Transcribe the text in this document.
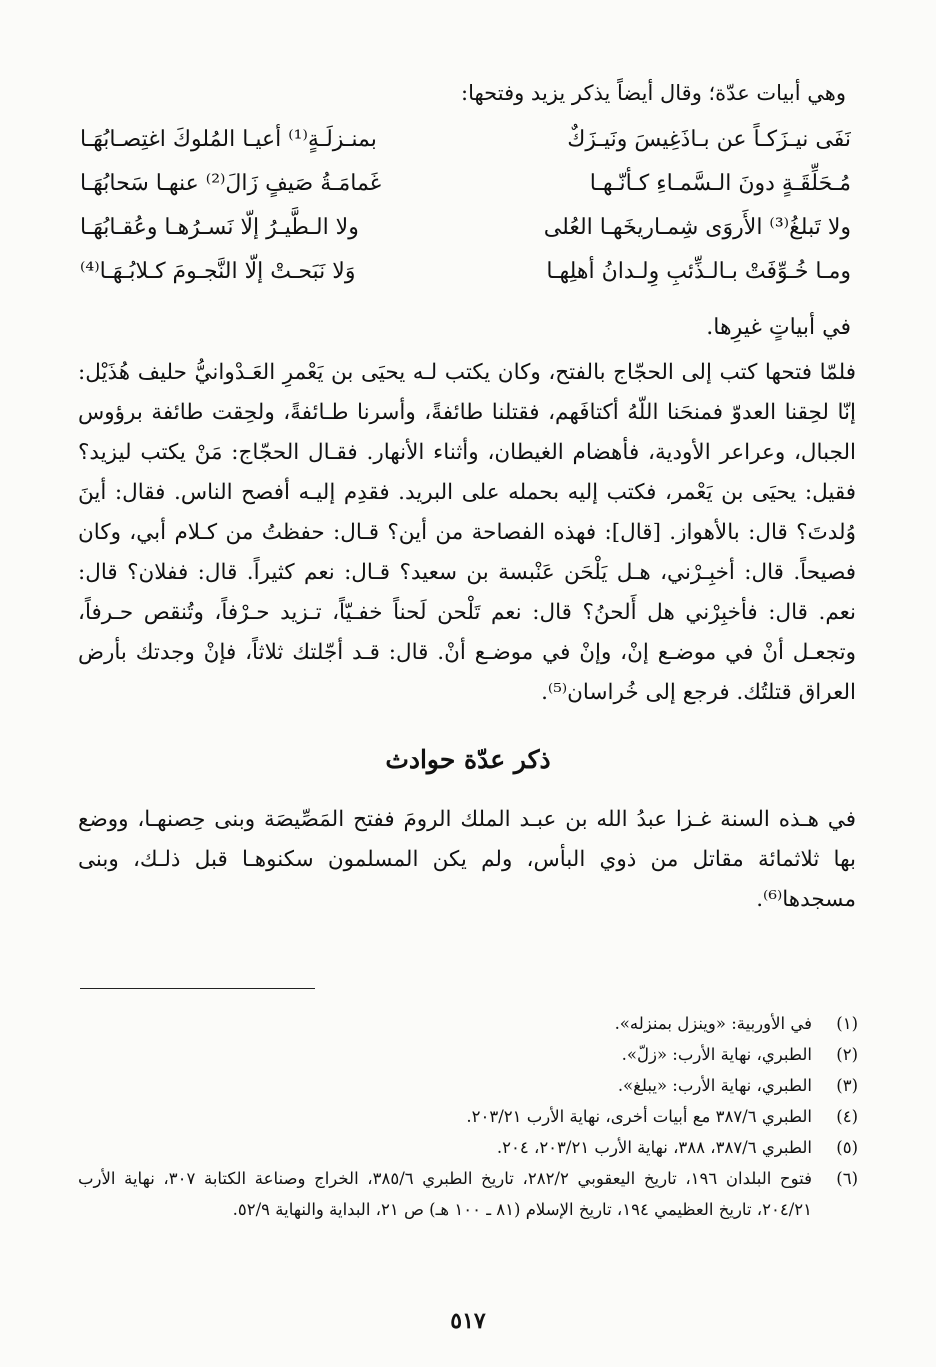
وهي أبيات عدّة؛ وقال أيضاً يذكر يزيد وفتحها:
نَفَى نيـزَكـاً عن بـاذَغِيسَ ونَيـزَكٌ
بمنـزلَـةٍ⁽¹⁾ أعيـا المُلوكَ اغتِصـابُهَـا
مُـحَلِّقَـةٍ دونَ الـسَّمـاءِ كـأنّـهـا
غَمامَـةُ صَيفٍ زَالَ⁽²⁾ عنهـا سَحابُهَـا
ولا تَبلغُ⁽³⁾ الأَروَى شِمـاريخَهـا العُلى
ولا الـطَّيـرُ إلّا نَسـرُهـا وعُقـابُهَـا
ومـا خُـوِّفَتْ بـالـذِّئبِ وِلـدانُ أهلِهـا
وَلا نَبَحـتْ إلّا النَّجـومَ كـلابُـهَـا⁽⁴⁾
في أبياتٍ غيرِها.
فلمّا فتحها كتب إلى الحجّاج بالفتح، وكان يكتب لـه يحيَى بن يَعْمرِ العَـدْوانيُّ حليف هُذَيْل: إنّا لحِقنا العدوّ فمنحَنا اللّهُ أكتافَهم، فقتلنا طائفةً، وأسرنا طـائفةً، ولحِقت طائفة برؤوس الجبال، وعراعر الأودية، فأهضام الغيطان، وأثناء الأنهار. فقـال الحجّاج: مَنْ يكتب ليزيد؟ فقيل: يحيَى بن يَعْمر، فكتب إليه بحمله على البريد. فقدِم إليـه أفصح الناس. فقال: أينَ وُلدتَ؟ قال: بالأهواز. [قال]: فهذه الفصاحة من أين؟ قـال: حفظتُ من كـلام أبي، وكان فصيحاً. قال: أخبِـرْني، هـل يَلْحَن عَنْبسة بن سعيد؟ قـال: نعم كثيراً. قال: ففلان؟ قال: نعم. قال: فأخبِرْني هل أَلحنُ؟ قال: نعم تَلْحن لَحناً خفـيّاً، تـزيد حـرْفاً، وتُنقص حـرفاً، وتجعـل أنْ في موضـع إنْ، وإنْ في موضـع أنْ. قال: قـد أجّلتك ثلاثاً، فإنْ وجدتك بأرض العراق قتلتُك. فرجع إلى خُراسان⁽⁵⁾.
ذكر عدّة حوادث
في هـذه السنة غـزا عبدُ الله بن عبـد الملك الرومَ ففتح المَصِّيصَة وبنى حِصنهـا، ووضع بها ثلاثمائة مقاتل من ذوي البأس، ولم يكن المسلمون سكنوهـا قبل ذلـك، وبنى مسجدها⁽⁶⁾.
(١)
في الأوربية: «وينزل بمنزله».
(٢)
الطبري، نهاية الأرب: «زلّ».
(٣)
الطبري، نهاية الأرب: «يبلغ».
(٤)
الطبري ٣٨٧/٦ مع أبيات أخرى، نهاية الأرب ٢٠٣/٢١.
(٥)
الطبري ٣٨٧/٦، ٣٨٨، نهاية الأرب ٢٠٣/٢١، ٢٠٤.
(٦)
فتوح البلدان ١٩٦، تاريخ اليعقوبي ٢٨٢/٢، تاريخ الطبري ٣٨٥/٦، الخراج وصناعة الكتابة ٣٠٧، نهاية الأرب ٢٠٤/٢١، تاريخ العظيمي ١٩٤، تاريخ الإسلام (٨١ ـ ١٠٠ هـ) ص ٢١، البداية والنهاية ٥٢/٩.
٥١٧
